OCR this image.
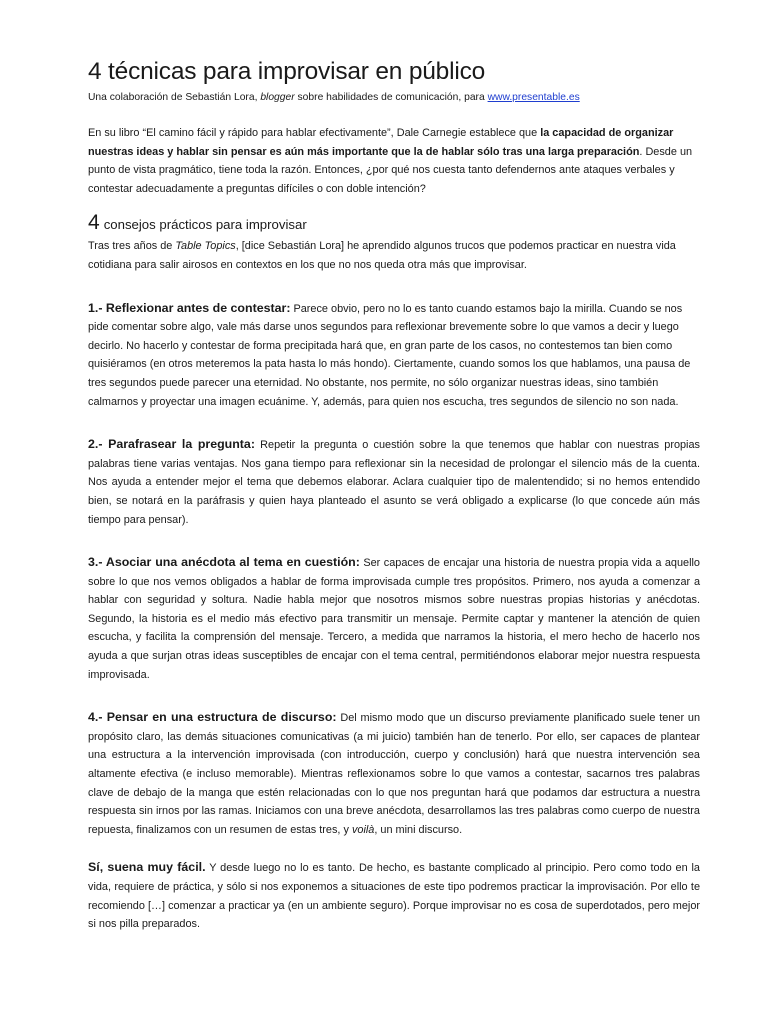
4 técnicas para improvisar en público

Una colaboración de Sebastián Lora, blogger sobre habilidades de comunicación, para www.presentable.es

En su libro “El camino fácil y rápido para hablar efectivamente”, Dale Carnegie establece que la capacidad de organizar nuestras ideas y hablar sin pensar es aún más importante que la de hablar sólo tras una larga preparación. Desde un punto de vista pragmático, tiene toda la razón. Entonces, ¿por qué nos cuesta tanto defendernos ante ataques verbales y contestar adecuadamente a preguntas difíciles o con doble intención?

4 consejos prácticos para improvisar

Tras tres años de Table Topics, [dice Sebastián Lora] he aprendido algunos trucos que podemos practicar en nuestra vida cotidiana para salir airosos en contextos en los que no nos queda otra más que improvisar.

1.- Reflexionar antes de contestar: Parece obvio, pero no lo es tanto cuando estamos bajo la mirilla. Cuando se nos pide comentar sobre algo, vale más darse unos segundos para reflexionar brevemente sobre lo que vamos a decir y luego decirlo. No hacerlo y contestar de forma precipitada hará que, en gran parte de los casos, no contestemos tan bien como quisiéramos (en otros meteremos la pata hasta lo más hondo). Ciertamente, cuando somos los que hablamos, una pausa de tres segundos puede parecer una eternidad. No obstante, nos permite, no sólo organizar nuestras ideas, sino también calmarnos y proyectar una imagen ecuánime. Y, además, para quien nos escucha, tres segundos de silencio no son nada.

2.- Parafrasear la pregunta: Repetir la pregunta o cuestión sobre la que tenemos que hablar con nuestras propias palabras tiene varias ventajas. Nos gana tiempo para reflexionar sin la necesidad de prolongar el silencio más de la cuenta. Nos ayuda a entender mejor el tema que debemos elaborar. Aclara cualquier tipo de malentendido; si no hemos entendido bien, se notará en la paráfrasis y quien haya planteado el asunto se verá obligado a explicarse (lo que concede aún más tiempo para pensar).

3.- Asociar una anécdota al tema en cuestión: Ser capaces de encajar una historia de nuestra propia vida a aquello sobre lo que nos vemos obligados a hablar de forma improvisada cumple tres propósitos. Primero, nos ayuda a comenzar a hablar con seguridad y soltura. Nadie habla mejor que nosotros mismos sobre nuestras propias historias y anécdotas. Segundo, la historia es el medio más efectivo para transmitir un mensaje. Permite captar y mantener la atención de quien escucha, y facilita la comprensión del mensaje. Tercero, a medida que narramos la historia, el mero hecho de hacerlo nos ayuda a que surjan otras ideas susceptibles de encajar con el tema central, permitiéndonos elaborar mejor nuestra respuesta improvisada.

4.- Pensar en una estructura de discurso: Del mismo modo que un discurso previamente planificado suele tener un propósito claro, las demás situaciones comunicativas (a mi juicio) también han de tenerlo. Por ello, ser capaces de plantear una estructura a la intervención improvisada (con introducción, cuerpo y conclusión) hará que nuestra intervención sea altamente efectiva (e incluso memorable). Mientras reflexionamos sobre lo que vamos a contestar, sacarnos tres palabras clave de debajo de la manga que estén relacionadas con lo que nos preguntan hará que podamos dar estructura a nuestra respuesta sin irnos por las ramas. Iniciamos con una breve anécdota, desarrollamos las tres palabras como cuerpo de nuestra repuesta, finalizamos con un resumen de estas tres, y voilà, un mini discurso.

Sí, suena muy fácil. Y desde luego no lo es tanto. De hecho, es bastante complicado al principio. Pero como todo en la vida, requiere de práctica, y sólo si nos exponemos a situaciones de este tipo podremos practicar la improvisación. Por ello te recomiendo […] comenzar a practicar ya (en un ambiente seguro). Porque improvisar no es cosa de superdotados, pero mejor si nos pilla preparados.
